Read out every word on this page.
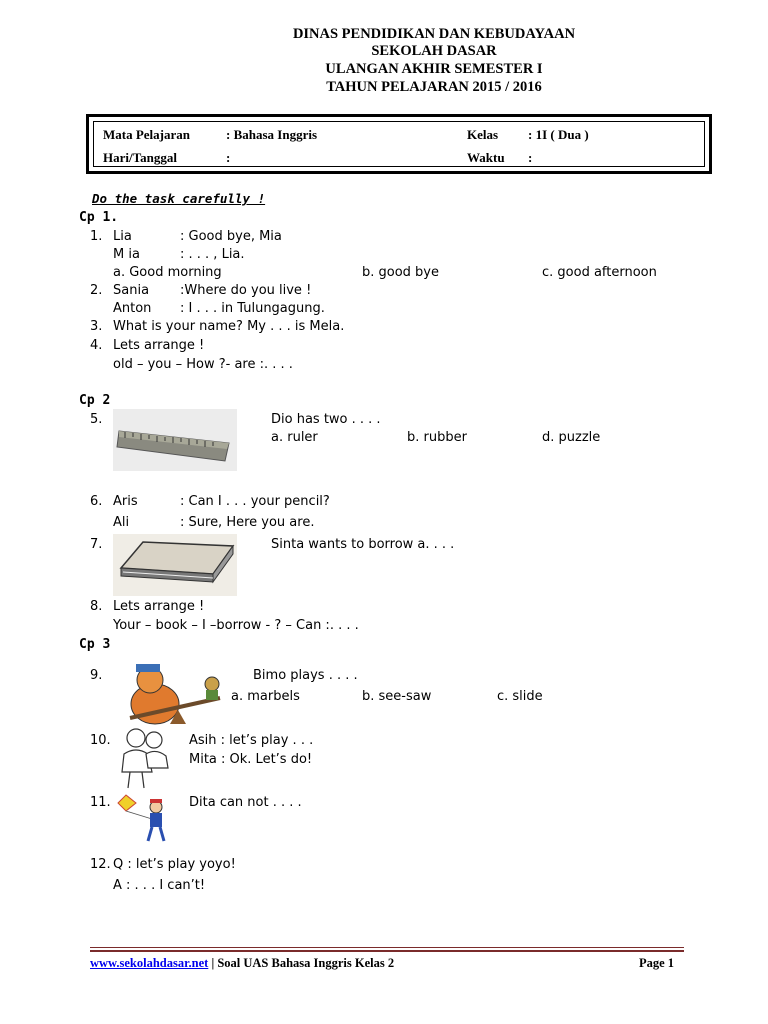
DINAS PENDIDIKAN DAN KEBUDAYAAN
SEKOLAH DASAR
ULANGAN AKHIR SEMESTER I
TAHUN PELAJARAN 2015 / 2016
Mata Pelajaran	: Bahasa Inggris	Kelas : 1I ( Dua )
Hari/Tanggal	:	Waktu :
Do the task carefully !
Cp 1.
1. Lia	: Good bye, Mia
M ia	: . . . , Lia.
a. Good morning	b. good bye	c. good afternoon
2. Sania :Where do you live !
Anton : I . . . in Tulungagung.
3. What is your name? My . . . is Mela.
4. Lets arrange !
old – you – How ?- are :. . . .
Cp 2
5.	Dio has two . . . .
a. ruler	b. rubber	d. puzzle
6. Aris	: Can I . . . your pencil?
Ali	: Sure, Here you are.
7.	Sinta wants to borrow a. . . .
8. Lets arrange !
Your – book – I –borrow - ? – Can :. . . .
Cp 3
9.	Bimo plays . . . .
a. marbels	b. see-saw	c. slide
10.	Asih : let’s play . . .
Mita : Ok. Let’s do!
11.	Dita can not . . . .
12. Q : let’s play yoyo!
A : . . . I can’t!
www.sekolahdasar.net | Soal UAS Bahasa Inggris Kelas 2	Page 1
